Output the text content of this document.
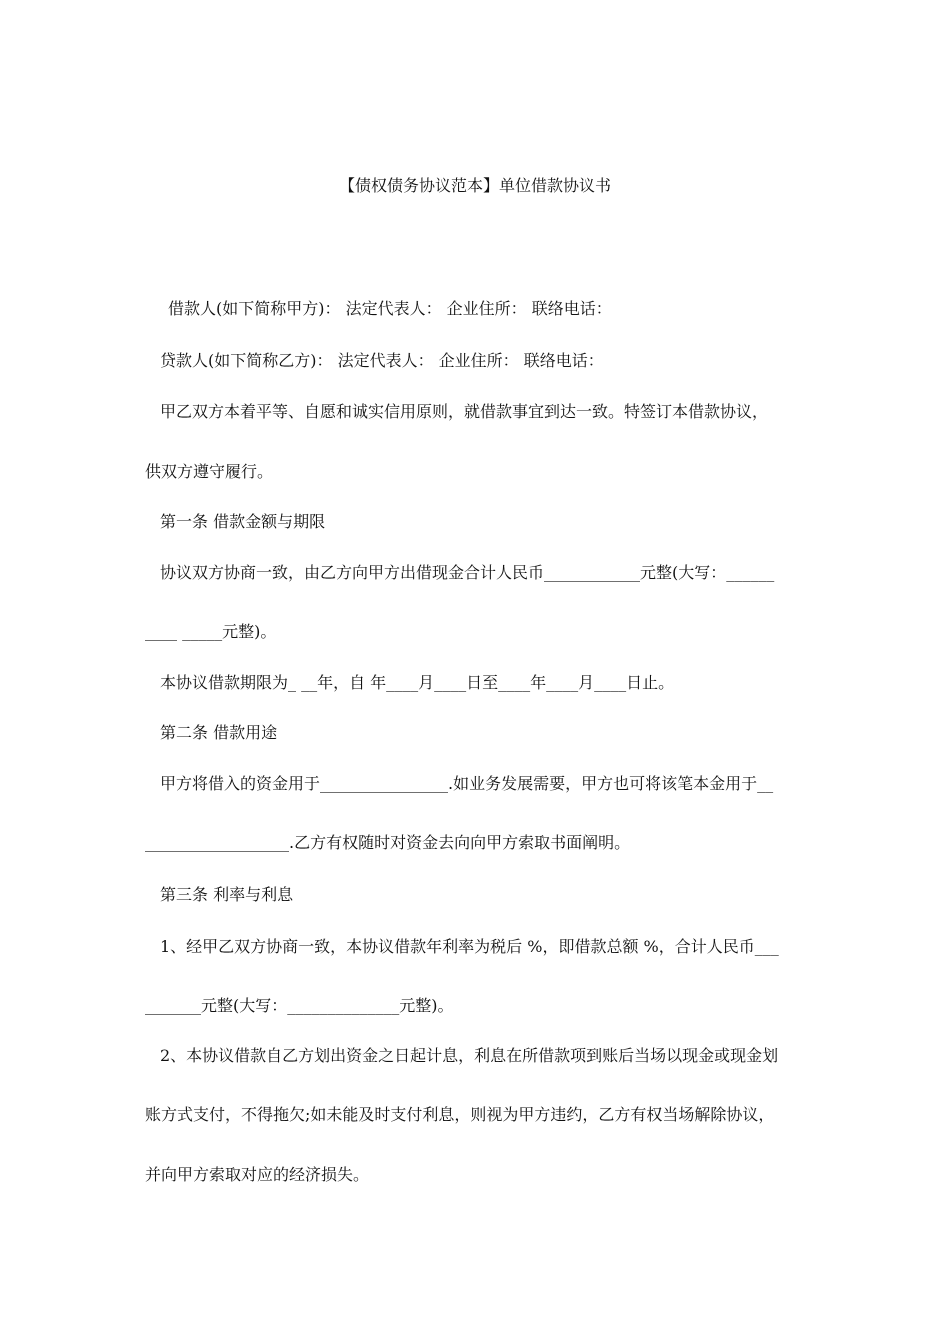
【债权债务协议范本】单位借款协议书
借款人(如下简称甲方)： 法定代表人： 企业住所： 联络电话：
贷款人(如下简称乙方)： 法定代表人： 企业住所： 联络电话：
甲乙双方本着平等、自愿和诚实信用原则，就借款事宜到达一致。特签订本借款协议，
供双方遵守履行。
第一条 借款金额与期限
协议双方协商一致，由乙方向甲方出借现金合计人民币____________元整(大写：______
____ _____元整)。
本协议借款期限为_ __年，自 年____月____日至____年____月____日止。
第二条 借款用途
甲方将借入的资金用于________________.如业务发展需要，甲方也可将该笔本金用于__
__________________.乙方有权随时对资金去向向甲方索取书面阐明。
第三条 利率与利息
1、经甲乙双方协商一致，本协议借款年利率为税后 %，即借款总额 %，合计人民币___
_______元整(大写：______________元整)。
2、本协议借款自乙方划出资金之日起计息，利息在所借款项到账后当场以现金或现金划
账方式支付，不得拖欠;如未能及时支付利息，则视为甲方违约，乙方有权当场解除协议，
并向甲方索取对应的经济损失。
